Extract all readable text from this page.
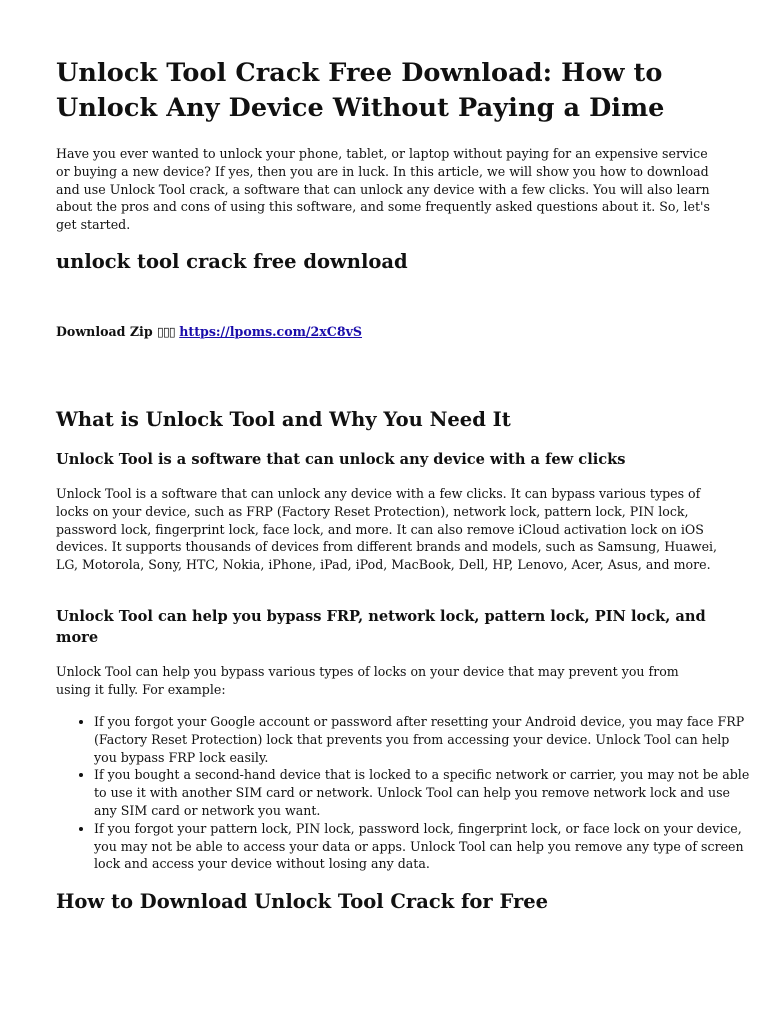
Unlock Tool Crack Free Download: How to Unlock Any Device Without Paying a Dime

Have you ever wanted to unlock your phone, tablet, or laptop without paying for an expensive service or buying a new device? If yes, then you are in luck. In this article, we will show you how to download and use Unlock Tool crack, a software that can unlock any device with a few clicks. You will also learn about the pros and cons of using this software, and some frequently asked questions about it. So, let's get started.

unlock tool crack free download
Download Zip ▯▯▯ https://lpoms.com/2xC8vS
What is Unlock Tool and Why You Need It
Unlock Tool is a software that can unlock any device with a few clicks

Unlock Tool is a software that can unlock any device with a few clicks. It can bypass various types of locks on your device, such as FRP (Factory Reset Protection), network lock, pattern lock, PIN lock, password lock, fingerprint lock, face lock, and more. It can also remove iCloud activation lock on iOS devices. It supports thousands of devices from different brands and models, such as Samsung, Huawei, LG, Motorola, Sony, HTC, Nokia, iPhone, iPad, iPod, MacBook, Dell, HP, Lenovo, Acer, Asus, and more.

Unlock Tool can help you bypass FRP, network lock, pattern lock, PIN lock, and more

Unlock Tool can help you bypass various types of locks on your device that may prevent you from using it fully. For example:

• If you forgot your Google account or password after resetting your Android device, you may face FRP (Factory Reset Protection) lock that prevents you from accessing your device. Unlock Tool can help you bypass FRP lock easily.
• If you bought a second-hand device that is locked to a specific network or carrier, you may not be able to use it with another SIM card or network. Unlock Tool can help you remove network lock and use any SIM card or network you want.
• If you forgot your pattern lock, PIN lock, password lock, fingerprint lock, or face lock on your device, you may not be able to access your data or apps. Unlock Tool can help you remove any type of screen lock and access your device without losing any data.
How to Download Unlock Tool Crack for Free
